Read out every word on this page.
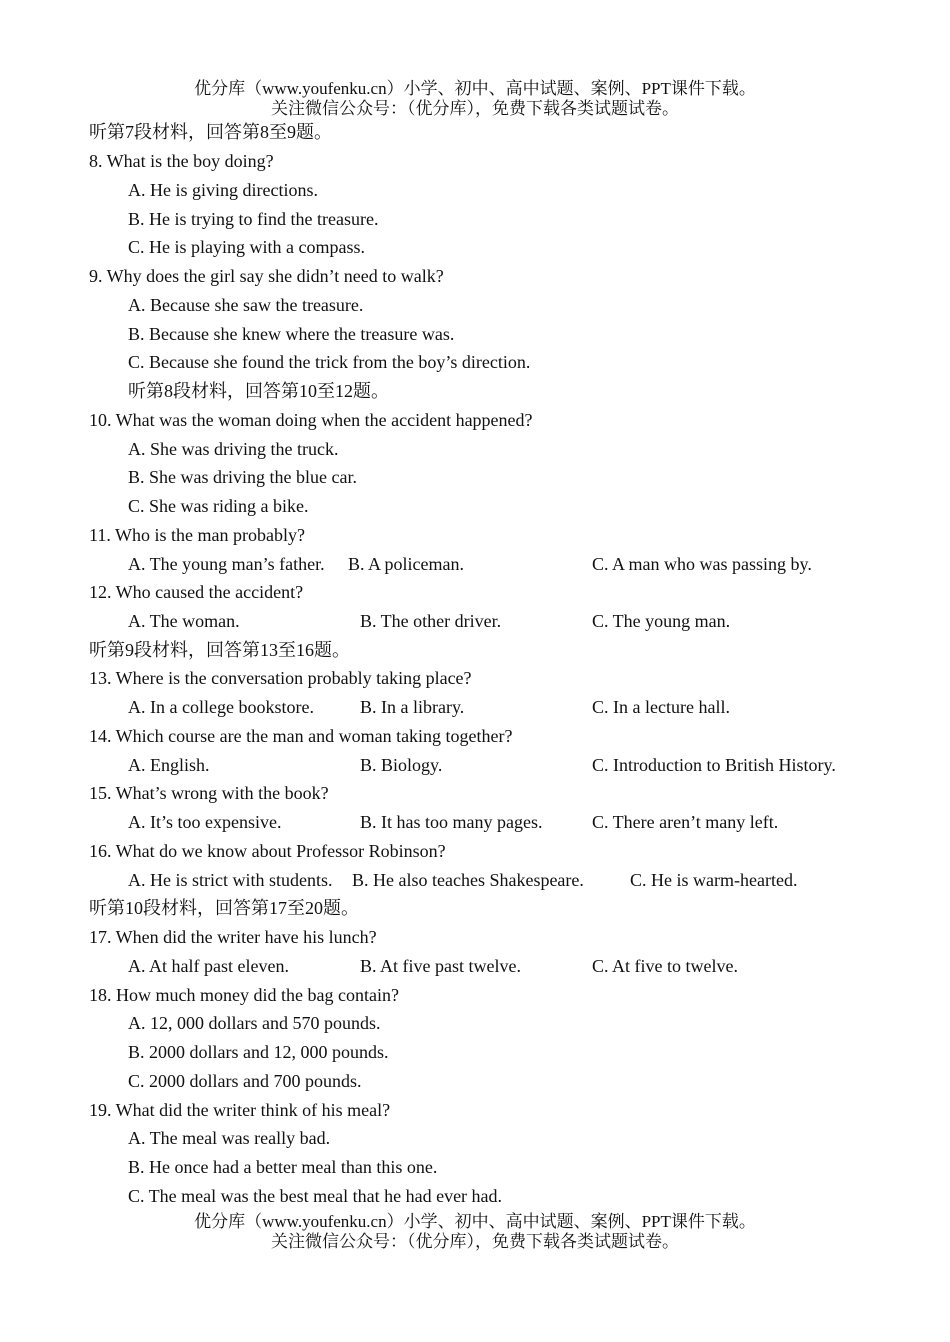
优分库（www.youfenku.cn）小学、初中、高中试题、案例、PPT课件下载。
关注微信公众号：（优分库），免费下载各类试题试卷。
听第7段材料，回答第8至9题。
8. What is the boy doing?
A. He is giving directions.
B. He is trying to find the treasure.
C. He is playing with a compass.
9. Why does the girl say she didn’t need to walk?
A. Because she saw the treasure.
B. Because she knew where the treasure was.
C. Because she found the trick from the boy’s direction.
听第8段材料，回答第10至12题。
10. What was the woman doing when the accident happened?
A. She was driving the truck.
B. She was driving the blue car.
C. She was riding a bike.
11. Who is the man probably?
A. The young man’s father. B. A policeman.	C. A man who was passing by.
12. Who caused the accident?
A. The woman.	B. The other driver.	C. The young man.
听第9段材料，回答第13至16题。
13. Where is the conversation probably taking place?
A. In a college bookstore.	B. In a library.	C. In a lecture hall.
14. Which course are the man and woman taking together?
A. English.	B. Biology.	C. Introduction to British History.
15. What’s wrong with the book?
A. It’s too expensive.	B. It has too many pages.	C. There aren’t many left.
16. What do we know about Professor Robinson?
A. He is strict with students. B. He also teaches Shakespeare.	C. He is warm-hearted.
听第10段材料，回答第17至20题。
17. When did the writer have his lunch?
A. At half past eleven.	B. At five past twelve.	C. At five to twelve.
18. How much money did the bag contain?
A. 12, 000 dollars and 570 pounds.
B. 2000 dollars and 12, 000 pounds.
C. 2000 dollars and 700 pounds.
19. What did the writer think of his meal?
A. The meal was really bad.
B. He once had a better meal than this one.
C. The meal was the best meal that he had ever had.
优分库（www.youfenku.cn）小学、初中、高中试题、案例、PPT课件下载。
关注微信公众号：（优分库），免费下载各类试题试卷。
